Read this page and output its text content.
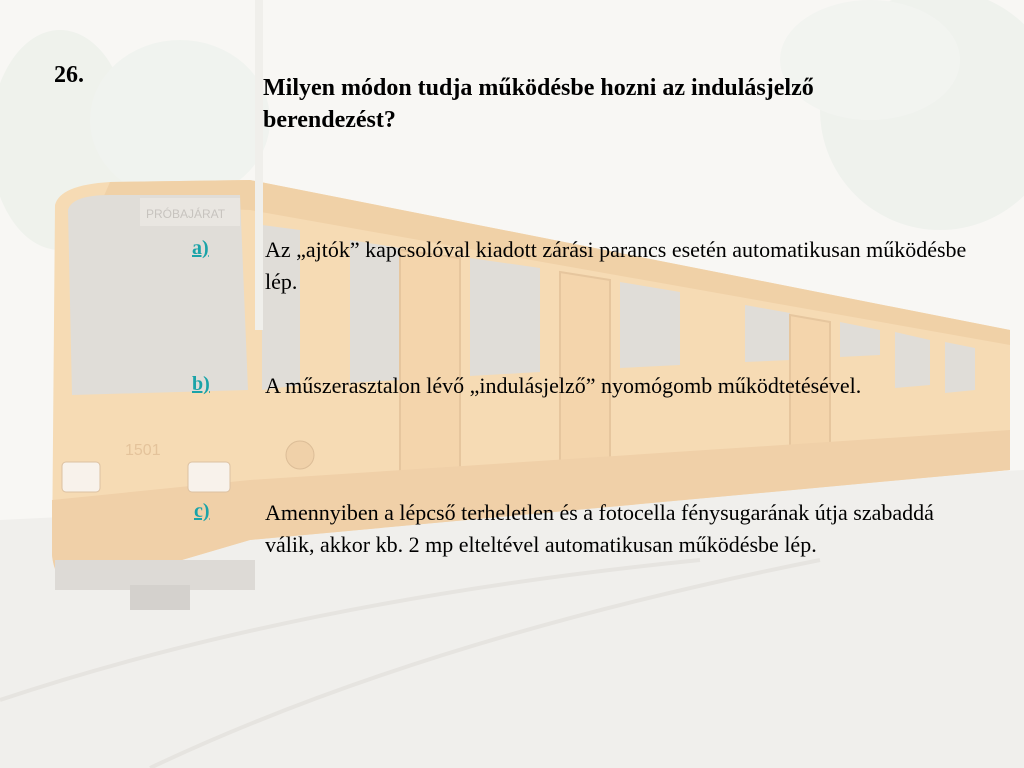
1501
PRÓBAJÁRAT
26.	Milyen módon tudja működésbe hozni az indulásjelző berendezést?
a)	Az „ajtók” kapcsolóval kiadott zárási parancs esetén automatikusan működésbe lép.
b)	A műszerasztalon lévő „indulásjelző” nyomógomb működtetésével.
c)	Amennyiben a lépcső terheletlen és a fotocella fénysugarának útja szabaddá válik, akkor kb. 2 mp elteltével automatikusan működésbe lép.
